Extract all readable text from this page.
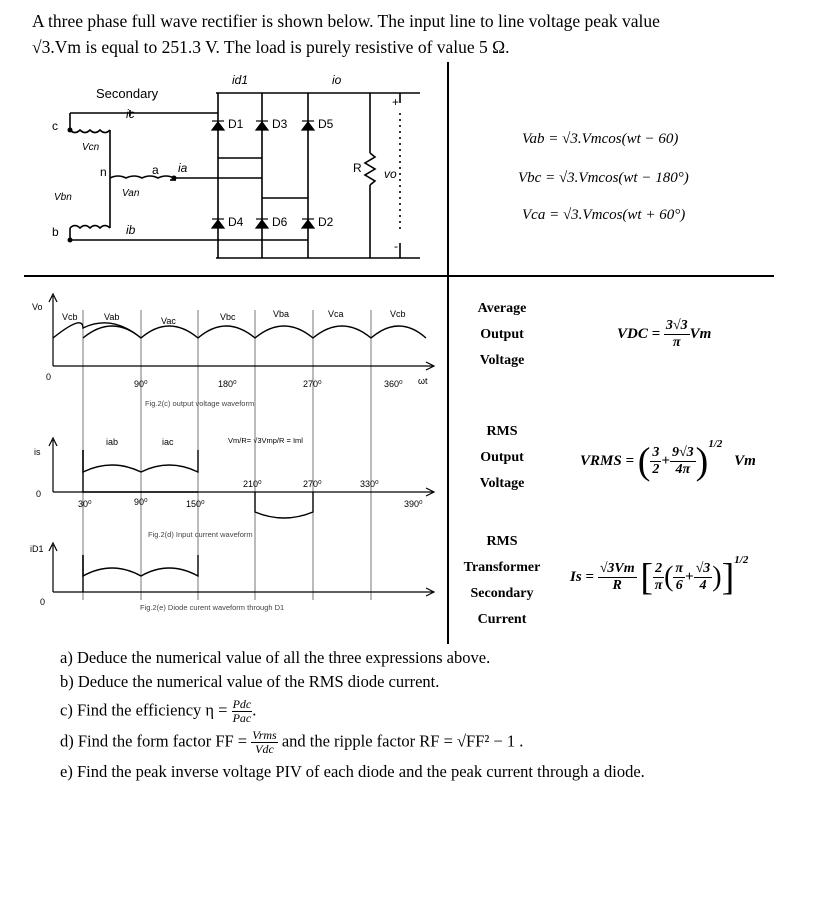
A three phase full wave rectifier is shown below. The input line to line voltage peak value
√3.Vm is equal to 251.3 V. The load is purely resistive of value 5 Ω.
Secondary
ic
c
Vcn
n	a ia
Van
Vbn
b	ib
id1	io
D1 D3	D5
D4 D6	D2
R vo
+
-
Vab = √3.Vmcos(wt − 60)
Vbc = √3.Vmcos(wt − 180°)
Vca = √3.Vmcos(wt + 60°)
Vo
is
iD1
0
0
0
Vcb	Vab	Vac	Vbc	Vba	Vca	Vcb
90⁰	180⁰	270⁰	360⁰ ωt
Fig.2(c) output voltage waveform
iab	iac	Vm/R= √3Vmp/R = Iml
90⁰
210⁰	270⁰	330⁰
30⁰	150⁰	390⁰
Fig.2(d) Input current waveform
Fig.2(e) Diode curent waveform through D1
Average
Output
Voltage
RMS
Output
Voltage
RMS
Transformer
Secondary
Current
VDC = $\frac{3√3}{\pi}$ Vm
VRMS = ( $\frac{3}{2} + \frac{9√3}{4\pi} )^{1/2}$ Vm
$Is = \frac{√3Vm}{R}$ [ $\frac{2}{\pi}$ ( $\frac{\pi}{6} + \frac{√3}{4} )]^{1/2}$
a) Deduce the numerical value of all the three expressions above.
b) Deduce the numerical value of the RMS diode current.
c) Find the efficiency η = Pdc
Pac .
d) Find the form factor FF = Vrms
Vdc and the ripple factor RF = √FF² − 1 .
e) Find the peak inverse voltage PIV of each diode and the peak current through a diode.
